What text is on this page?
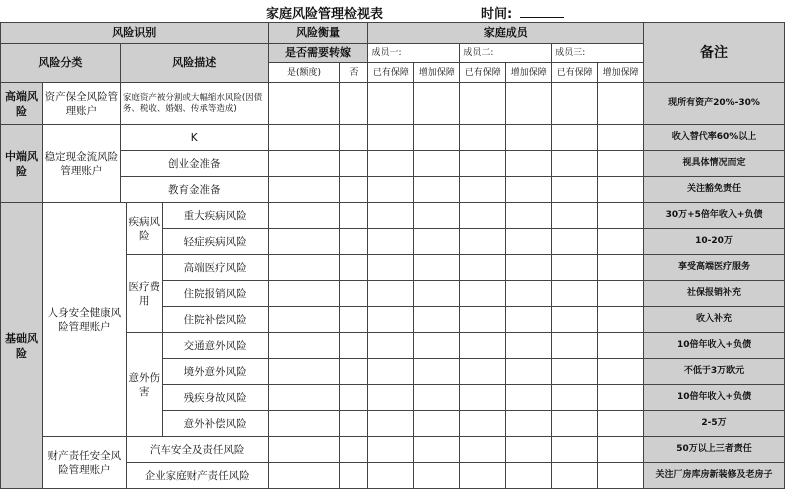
家庭风险管理检视表	时间:
风险识别					风险衡量		家庭成员						备注
风险分类		风险描述			是否需要转嫁		成员一:		成员二:		成员三:		
					是(额度)	否	已有保障	增加保障	已有保障	增加保障	已有保障	增加保障	
高端风险	资产保全风险管理账户	家庭资产被分割或大幅缩水风险(因债务、税收、婚姻、传承等造成)											现所有资产20%-30%
中端风险	稳定现金流风险管理账户	K											收入替代率60%以上
		创业金准备											视具体情况而定
		教育金准备											关注豁免责任
基础风险	人身安全健康风险管理账户		疾病风险	重大疾病风险									30万+5倍年收入+负债
				轻症疾病风险									10-20万
			医疗费用	高端医疗风险									享受高端医疗服务
				住院报销风险									社保报销补充
				住院补偿风险									收入补充
			意外伤害	交通意外风险									10倍年收入+负债
				境外意外风险									不低于3万欧元
				残疾身故风险									10倍年收入+负债
				意外补偿风险									2-5万
	财产责任安全风险管理账户		汽车安全及责任风险										50万以上三者责任
			企业家庭财产责任风险										关注厂房库房新装修及老房子
